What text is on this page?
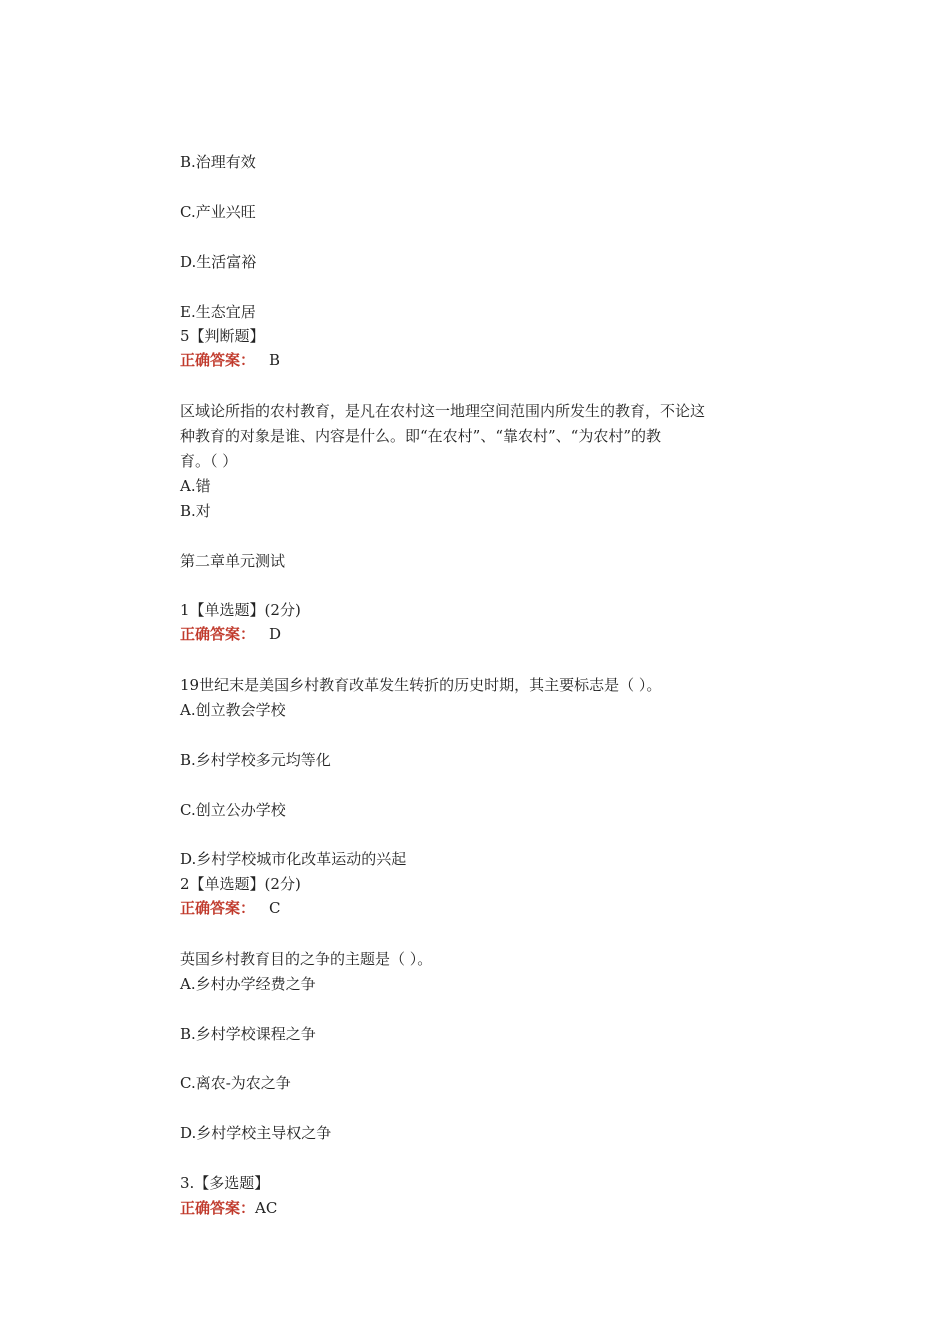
B.治理有效
C.产业兴旺
D.生活富裕
E.生态宜居
5【判断题】
正确答案： B
区域论所指的农村教育，是凡在农村这一地理空间范围内所发生的教育，不论这
种教育的对象是谁、内容是什么。即“在农村”、“靠农村”、“为农村”的教
育。（ ）
A.错
B.对
第二章单元测试
1【单选题】(2分)
正确答案： D
19世纪末是美国乡村教育改革发生转折的历史时期，其主要标志是（ ）。
A.创立教会学校
B.乡村学校多元均等化
C.创立公办学校
D.乡村学校城市化改革运动的兴起
2【单选题】(2分)
正确答案： C
英国乡村教育目的之争的主题是（ ）。
A.乡村办学经费之争
B.乡村学校课程之争
C.离农-为农之争
D.乡村学校主导权之争
3.【多选题】
正确答案：AC
